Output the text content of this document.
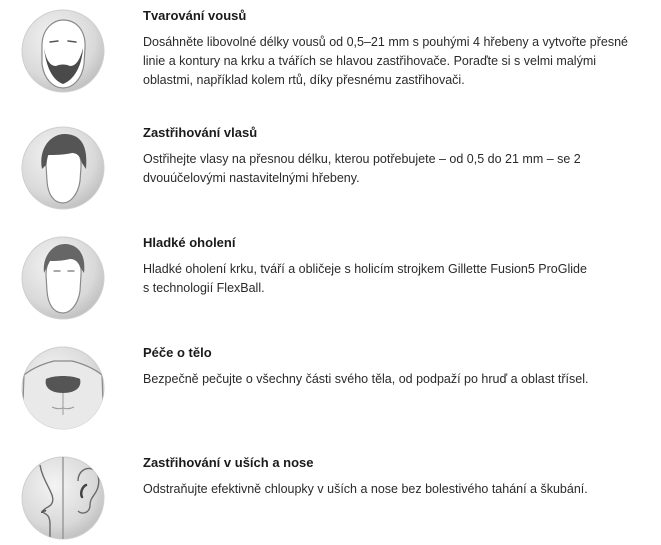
Tvarování vousů

Dosáhněte libovolné délky vousů od 0,5–21 mm s pouhými 4 hřebeny a vytvořte přesné
linie a kontury na krku a tvářích se hlavou zastřihovače. Poraďte si s velmi malými
oblastmi, například kolem rtů, díky přesnému zastřihovači.

Zastřihování vlasů

Ostřihejte vlasy na přesnou délku, kterou potřebujete – od 0,5 do 21 mm – se 2
dvouúčelovými nastavitelnými hřebeny.

Hladké oholení

Hladké oholení krku, tváří a obličeje s holicím strojkem Gillette Fusion5 ProGlide
s technologií FlexBall.

Péče o tělo

Bezpečně pečujte o všechny části svého těla, od podpaží po hruď a oblast třísel.

Zastřihování v uších a nose

Odstraňujte efektivně chloupky v uších a nose bez bolestivého tahání a škubání.
